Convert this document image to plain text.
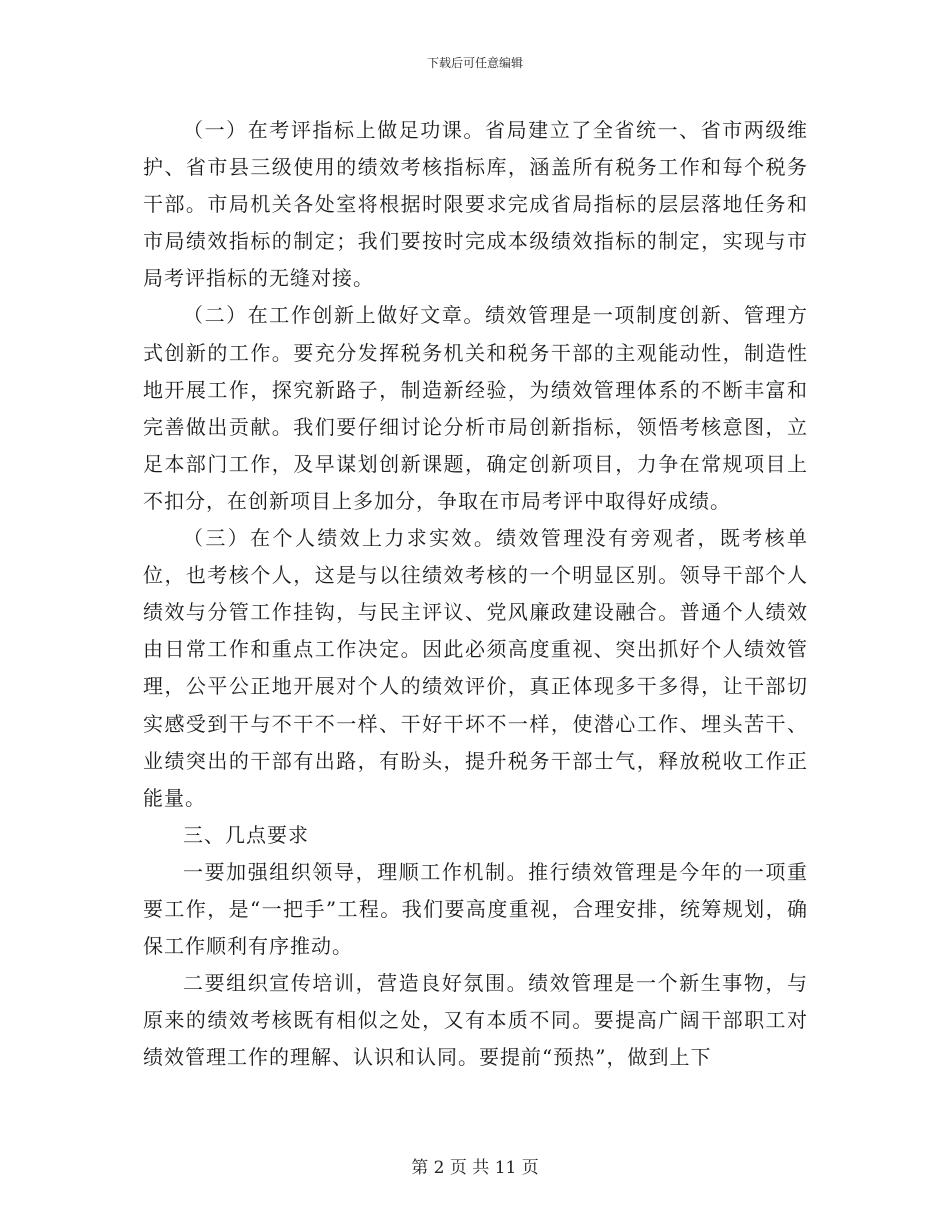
下载后可任意编辑

（一）在考评指标上做足功课。省局建立了全省统一、省市两级维护、省市县三级使用的绩效考核指标库，涵盖所有税务工作和每个税务干部。市局机关各处室将根据时限要求完成省局指标的层层落地任务和市局绩效指标的制定；我们要按时完成本级绩效指标的制定，实现与市局考评指标的无缝对接。

（二）在工作创新上做好文章。绩效管理是一项制度创新、管理方式创新的工作。要充分发挥税务机关和税务干部的主观能动性，制造性地开展工作，探究新路子，制造新经验，为绩效管理体系的不断丰富和完善做出贡献。我们要仔细讨论分析市局创新指标，领悟考核意图，立足本部门工作，及早谋划创新课题，确定创新项目，力争在常规项目上不扣分，在创新项目上多加分，争取在市局考评中取得好成绩。

（三）在个人绩效上力求实效。绩效管理没有旁观者，既考核单位，也考核个人，这是与以往绩效考核的一个明显区别。领导干部个人绩效与分管工作挂钩，与民主评议、党风廉政建设融合。普通个人绩效由日常工作和重点工作决定。因此必须高度重视、突出抓好个人绩效管理，公平公正地开展对个人的绩效评价，真正体现多干多得，让干部切实感受到干与不干不一样、干好干坏不一样，使潜心工作、埋头苦干、业绩突出的干部有出路，有盼头，提升税务干部士气，释放税收工作正能量。

三、几点要求

一要加强组织领导，理顺工作机制。推行绩效管理是今年的一项重要工作，是“一把手”工程。我们要高度重视，合理安排，统筹规划，确保工作顺利有序推动。

二要组织宣传培训，营造良好氛围。绩效管理是一个新生事物，与原来的绩效考核既有相似之处，又有本质不同。要提高广阔干部职工对绩效管理工作的理解、认识和认同。要提前“预热”，做到上下

第 2 页 共 11 页
